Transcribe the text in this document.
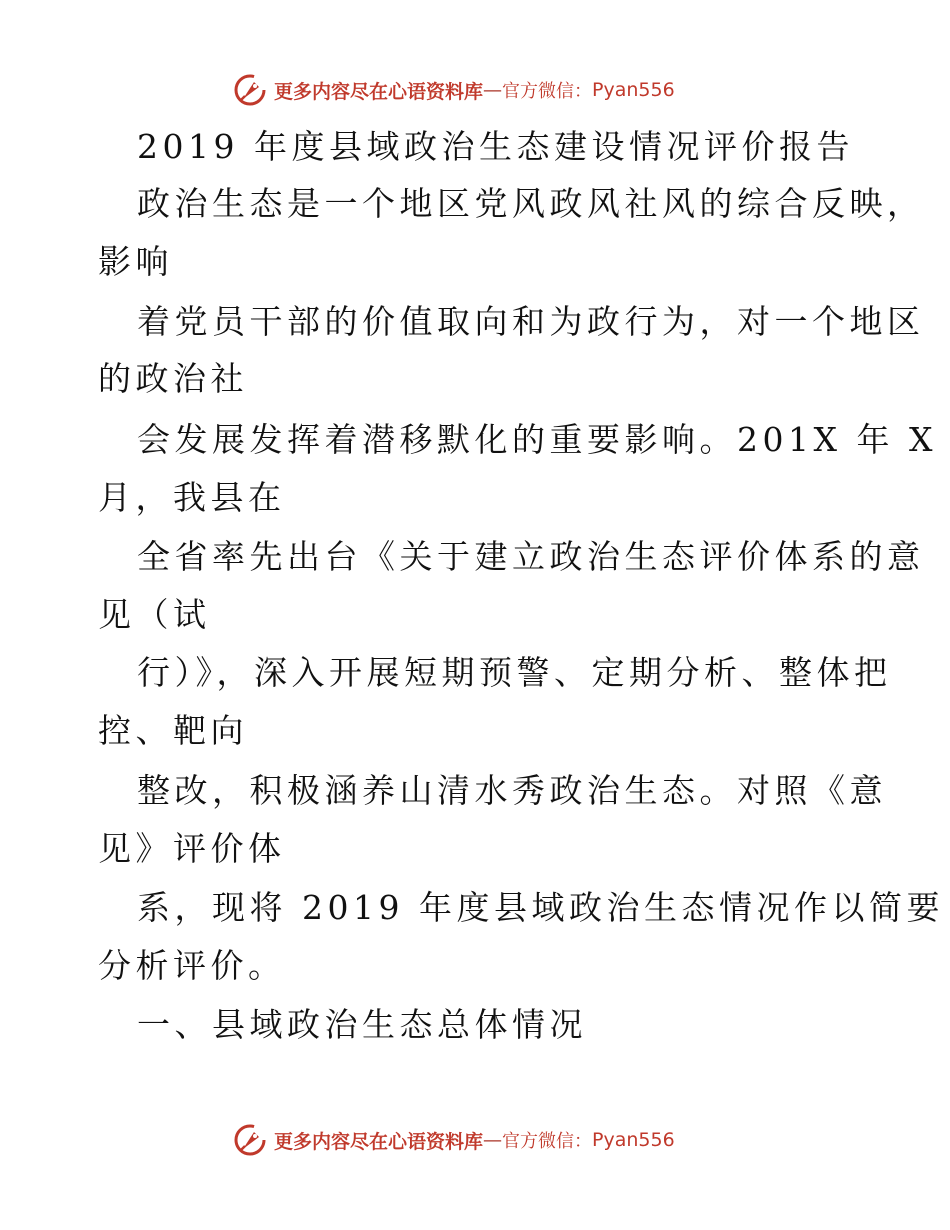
更多内容尽在心语资料库 — 官方微信： Pyan556
2019 年度县域政治生态建设情况评价报告
政治生态是一个地区党风政风社风的综合反映，
影响
着党员干部的价值取向和为政行为，对一个地区
的政治社
会发展发挥着潜移默化的重要影响。201X 年 X
月，我县在
全省率先出台《关于建立政治生态评价体系的意
见（试
行）》，深入开展短期预警、定期分析、整体把
控、靶向
整改，积极涵养山清水秀政治生态。对照《意
见》评价体
系，现将 2019 年度县域政治生态情况作以简要
分析评价。
一、县域政治生态总体情况
更多内容尽在心语资料库 — 官方微信： Pyan556
